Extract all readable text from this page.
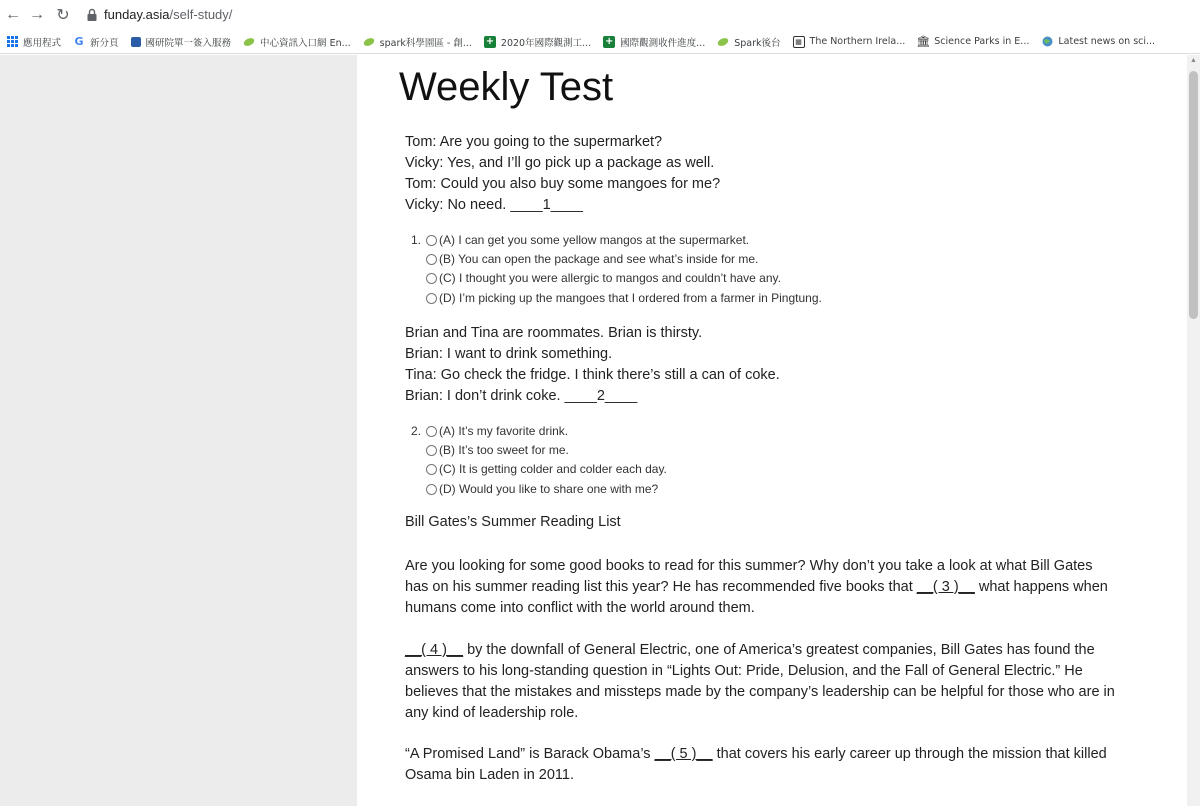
← → ↻	funday.asia/self-study/
應用程式 G 新分頁	國研院單一簽入服務	中心資訊入口網 En...	spark科學園區 - 創... + 2020年國際觀測工... + 國際觀測收件進度...	Spark後台	▦ The Northern Irela... 🏛 Science Parks in E...	Latest news on sci...
Weekly Test
Tom: Are you going to the supermarket?
Vicky: Yes, and I’ll go pick up a package as well.
Tom: Could you also buy some mangoes for me?
Vicky: No need. ____1____
1.	(A) I can get you some yellow mangos at the supermarket.
(B) You can open the package and see what’s inside for me.
(C) I thought you were allergic to mangos and couldn’t have any.
(D) I’m picking up the mangoes that I ordered from a farmer in Pingtung.
Brian and Tina are roommates. Brian is thirsty.
Brian: I want to drink something.
Tina: Go check the fridge. I think there’s still a can of coke.
Brian: I don’t drink coke. ____2____
2.	(A) It’s my favorite drink.
(B) It’s too sweet for me.
(C) It is getting colder and colder each day.
(D) Would you like to share one with me?
Bill Gates’s Summer Reading List
Are you looking for some good books to read for this summer? Why don’t you take a look at what Bill Gates has on his summer reading list this year? He has recommended five books that __( 3 )__ what happens when humans come into conflict with the world around them.
__( 4 )__ by the downfall of General Electric, one of America’s greatest companies, Bill Gates has found the answers to his long-standing question in “Lights Out: Pride, Delusion, and the Fall of General Electric.” He believes that the mistakes and missteps made by the company’s leadership can be helpful for those who are in any kind of leadership role.
“A Promised Land” is Barack Obama’s __( 5 )__ that covers his early career up through the mission that killed Osama bin Laden in 2011.
▲
